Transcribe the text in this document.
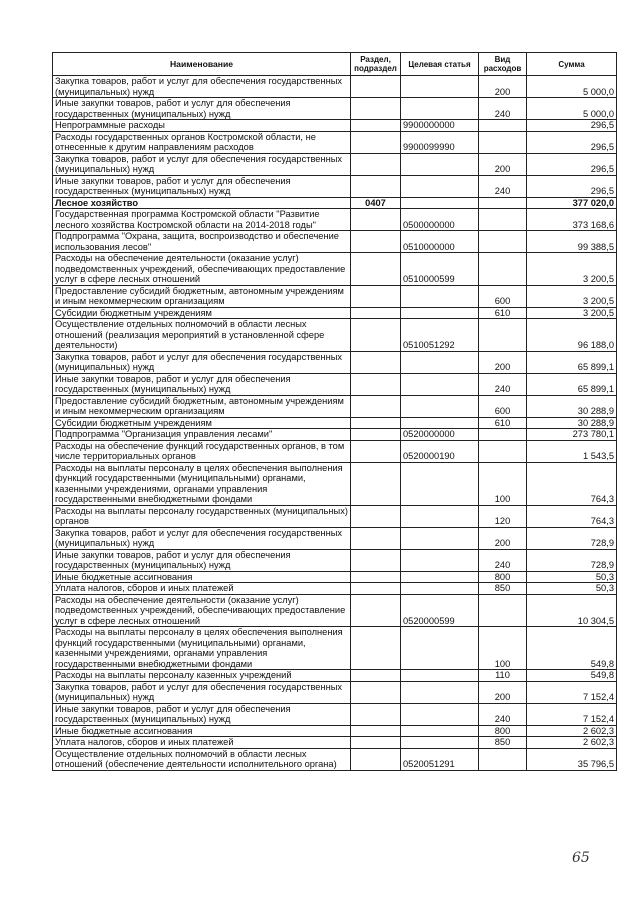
Наименование	Раздел, подраздел	Целевая статья	Вид расходов	Сумма
Закупка товаров, работ и услуг для обеспечения государственных (муниципальных) нужд			200	5 000,0
Иные закупки товаров, работ и услуг для обеспечения государственных (муниципальных) нужд			240	5 000,0
Непрограммные расходы		9900000000		296,5
Расходы государственных органов Костромской области, не отнесенные к другим направлениям расходов		9900099990		296,5
Закупка товаров, работ и услуг для обеспечения государственных (муниципальных) нужд			200	296,5
Иные закупки товаров, работ и услуг для обеспечения государственных (муниципальных) нужд			240	296,5
Лесное хозяйство	0407			377 020,0
Государственная программа Костромской области "Развитие лесного хозяйства Костромской области на 2014-2018 годы"		0500000000		373 168,6
Подпрограмма "Охрана, защита, воспроизводство и обеспечение использования лесов"		0510000000		99 388,5
Расходы на обеспечение деятельности (оказание услуг) подведомственных учреждений, обеспечивающих предоставление услуг в сфере лесных отношений		0510000599		3 200,5
Предоставление субсидий бюджетным, автономным учреждениям и иным некоммерческим организациям			600	3 200,5
Субсидии бюджетным учреждениям			610	3 200,5
Осуществление отдельных полномочий в области лесных отношений (реализация мероприятий в установленной сфере деятельности)		0510051292		96 188,0
Закупка товаров, работ и услуг для обеспечения государственных (муниципальных) нужд			200	65 899,1
Иные закупки товаров, работ и услуг для обеспечения государственных (муниципальных) нужд			240	65 899,1
Предоставление субсидий бюджетным, автономным учреждениям и иным некоммерческим организациям			600	30 288,9
Субсидии бюджетным учреждениям			610	30 288,9
Подпрограмма "Организация управления лесами"		0520000000		273 780,1
Расходы на обеспечение функций государственных органов, в том числе территориальных органов		0520000190		1 543,5
Расходы на выплаты персоналу в целях обеспечения выполнения функций государственными (муниципальными) органами, казенными учреждениями, органами управления государственными внебюджетными фондами			100	764,3
Расходы на выплаты персоналу государственных (муниципальных) органов			120	764,3
Закупка товаров, работ и услуг для обеспечения государственных (муниципальных) нужд			200	728,9
Иные закупки товаров, работ и услуг для обеспечения государственных (муниципальных) нужд			240	728,9
Иные бюджетные ассигнования			800	50,3
Уплата налогов, сборов и иных платежей			850	50,3
Расходы на обеспечение деятельности (оказание услуг) подведомственных учреждений, обеспечивающих предоставление услуг в сфере лесных отношений		0520000599		10 304,5
Расходы на выплаты персоналу в целях обеспечения выполнения функций государственными (муниципальными) органами, казенными учреждениями, органами управления государственными внебюджетными фондами			100	549,8
Расходы на выплаты персоналу казенных учреждений			110	549,8
Закупка товаров, работ и услуг для обеспечения государственных (муниципальных) нужд			200	7 152,4
Иные закупки товаров, работ и услуг для обеспечения государственных (муниципальных) нужд			240	7 152,4
Иные бюджетные ассигнования			800	2 602,3
Уплата налогов, сборов и иных платежей			850	2 602,3
Осуществление отдельных полномочий в области лесных отношений (обеспечение деятельности исполнительного органа)		0520051291		35 796,5
65
